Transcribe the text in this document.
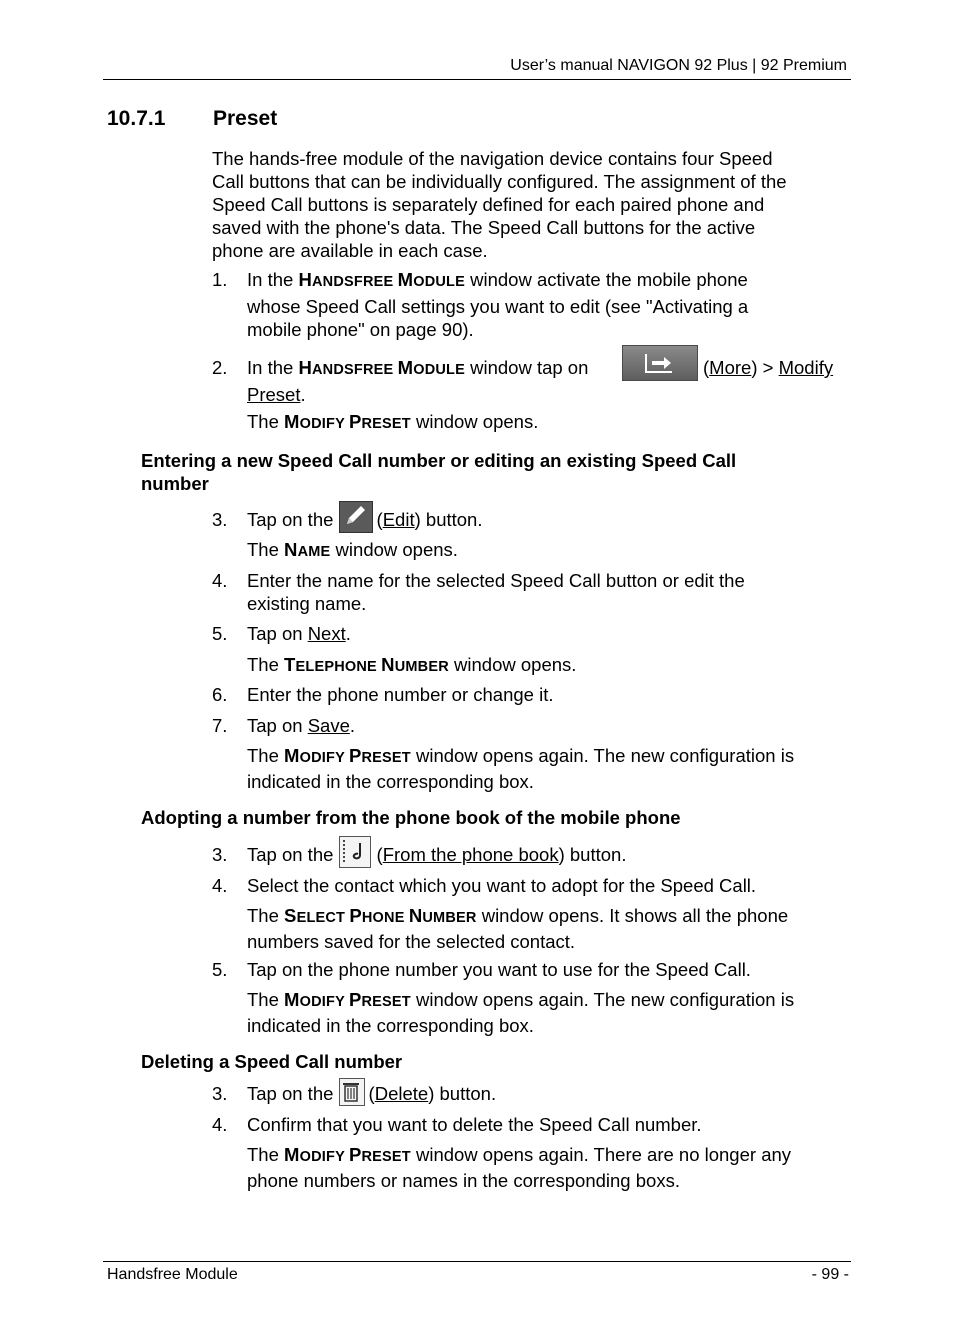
User’s manual NAVIGON 92 Plus | 92 Premium
10.7.1 Preset
The hands-free module of the navigation device contains four Speed
Call buttons that can be individually configured. The assignment of the
Speed Call buttons is separately defined for each paired phone and
saved with the phone's data. The Speed Call buttons for the active
phone are available in each case.
1. In the HANDSFREE MODULE window activate the mobile phone
whose Speed Call settings you want to edit (see "Activating a
mobile phone" on page 90).
2. In the HANDSFREE MODULE window tap on
Preset.
(More) > Modify
The MODIFY PRESET window opens.
Entering a new Speed Call number or editing an existing Speed Call
number
3. Tap on the (Edit) button.
The NAME window opens.
4. Enter the name for the selected Speed Call button or edit the
existing name.
5. Tap on Next.
The TELEPHONE NUMBER window opens.
6. Enter the phone number or change it.
7. Tap on Save.
The MODIFY PRESET window opens again. The new configuration is
indicated in the corresponding box.
Adopting a number from the phone book of the mobile phone
3. Tap on the (From the phone book) button.
4. Select the contact which you want to adopt for the Speed Call.
The SELECT PHONE NUMBER window opens. It shows all the phone
numbers saved for the selected contact.
5. Tap on the phone number you want to use for the Speed Call.
The MODIFY PRESET window opens again. The new configuration is
indicated in the corresponding box.
Deleting a Speed Call number
3. Tap on the (Delete) button.
4. Confirm that you want to delete the Speed Call number.
The MODIFY PRESET window opens again. There are no longer any
phone numbers or names in the corresponding boxs.
Handsfree Module	- 99 -
